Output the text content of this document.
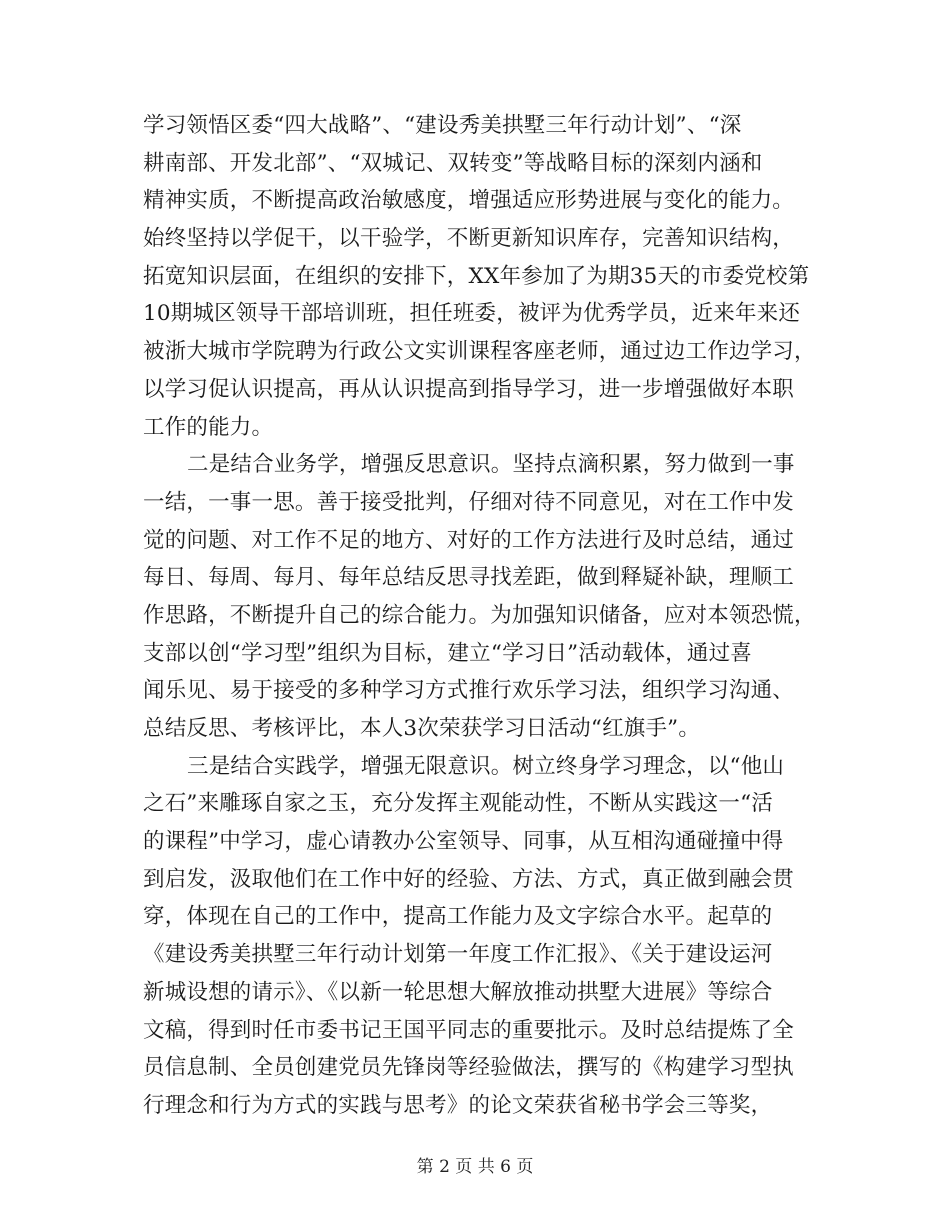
学习领悟区委“四大战略”、“建设秀美拱墅三年行动计划”、“深
耕南部、开发北部”、“双城记、双转变”等战略目标的深刻内涵和
精神实质，不断提高政治敏感度，增强适应形势进展与变化的能力。
始终坚持以学促干，以干验学，不断更新知识库存，完善知识结构，
拓宽知识层面，在组织的安排下，XX年参加了为期35天的市委党校第
10期城区领导干部培训班，担任班委，被评为优秀学员，近来年来还
被浙大城市学院聘为行政公文实训课程客座老师，通过边工作边学习，
以学习促认识提高，再从认识提高到指导学习，进一步增强做好本职
工作的能力。
二是结合业务学，增强反思意识。坚持点滴积累，努力做到一事
一结，一事一思。善于接受批判，仔细对待不同意见，对在工作中发
觉的问题、对工作不足的地方、对好的工作方法进行及时总结，通过
每日、每周、每月、每年总结反思寻找差距，做到释疑补缺，理顺工
作思路，不断提升自己的综合能力。为加强知识储备，应对本领恐慌，
支部以创“学习型”组织为目标，建立“学习日”活动载体，通过喜
闻乐见、易于接受的多种学习方式推行欢乐学习法，组织学习沟通、
总结反思、考核评比，本人3次荣获学习日活动“红旗手”。
三是结合实践学，增强无限意识。树立终身学习理念，以“他山
之石”来雕琢自家之玉，充分发挥主观能动性，不断从实践这一“活
的课程”中学习，虚心请教办公室领导、同事，从互相沟通碰撞中得
到启发，汲取他们在工作中好的经验、方法、方式，真正做到融会贯
穿，体现在自己的工作中，提高工作能力及文字综合水平。起草的
《建设秀美拱墅三年行动计划第一年度工作汇报》、《关于建设运河
新城设想的请示》、《以新一轮思想大解放推动拱墅大进展》等综合
文稿，得到时任市委书记王国平同志的重要批示。及时总结提炼了全
员信息制、全员创建党员先锋岗等经验做法，撰写的《构建学习型执
行理念和行为方式的实践与思考》的论文荣获省秘书学会三等奖，
第 2 页 共 6 页
